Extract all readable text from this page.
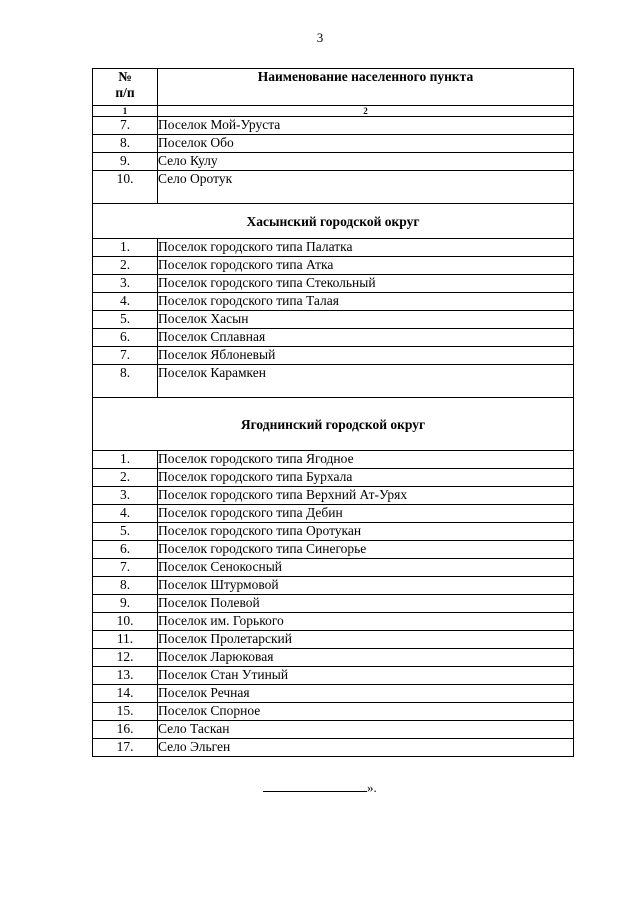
3
№
п/п	Наименование населенного пункта
1	2
7.	Поселок Мой-Уруста
8.	Поселок Обо
9.	Село Кулу
10.	Село Оротук
Хасынский городской округ	
1.	Поселок городского типа Палатка
2.	Поселок городского типа Атка
3.	Поселок городского типа Стекольный
4.	Поселок городского типа Талая
5.	Поселок Хасын
6.	Поселок Сплавная
7.	Поселок Яблоневый
8.	Поселок Карамкен
Ягоднинский городской округ	
1.	Поселок городского типа Ягодное
2.	Поселок городского типа Бурхала
3.	Поселок городского типа Верхний Ат-Урях
4.	Поселок городского типа Дебин
5.	Поселок городского типа Оротукан
6.	Поселок городского типа Синегорье
7.	Поселок Сенокосный
8.	Поселок Штурмовой
9.	Поселок Полевой
10.	Поселок им. Горького
11.	Поселок Пролетарский
12.	Поселок Ларюковая
13.	Поселок Стан Утиный
14.	Поселок Речная
15.	Поселок Спорное
16.	Село Таскан
17.	Село Эльген
».
